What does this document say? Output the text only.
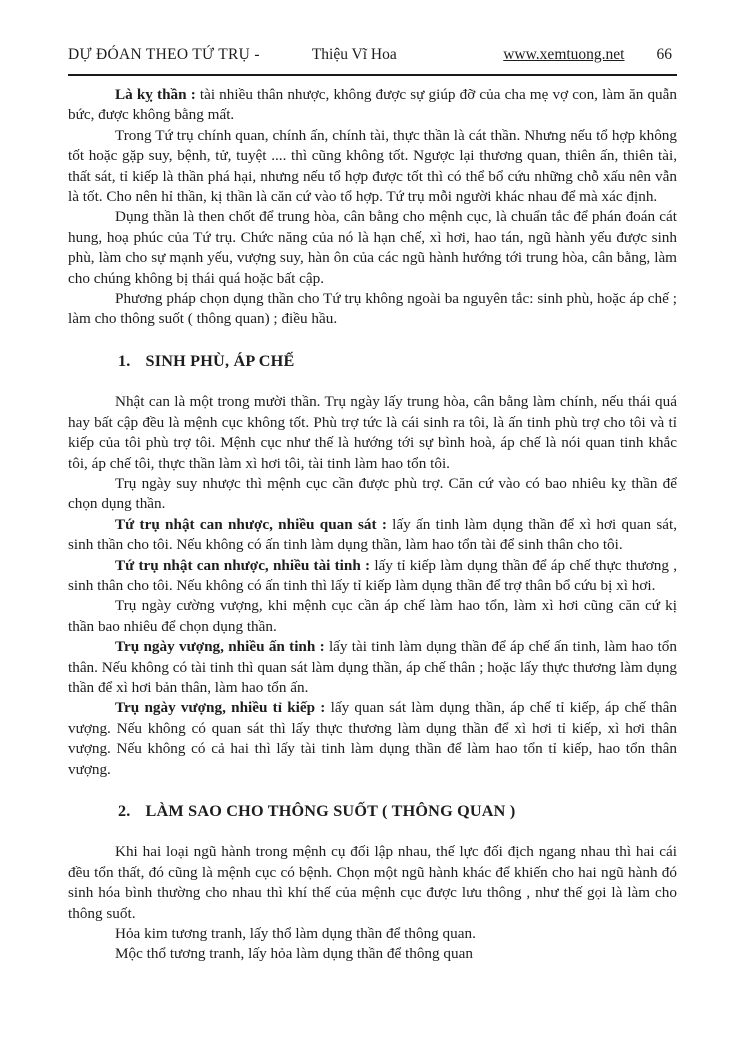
DỰ ĐÓAN THEO TỨ TRỤ -	Thiệu Vĩ Hoa	www.xemtuong.net 66

Là kỵ thần : tài nhiều thân nhược, không được sự giúp đỡ của cha mẹ vợ con, làm ăn quẫn bức, được không bằng mất.

Trong Tứ trụ chính quan, chính ấn, chính tài, thực thần là cát thần. Nhưng nếu tổ hợp không tốt hoặc gặp suy, bệnh, tử, tuyệt .... thì cũng không tốt. Ngược lại thương quan, thiên ấn, thiên tài, thất sát, tỉ kiếp là thần phá hại, nhưng nếu tổ hợp được tốt thì có thể bổ cứu những chỗ xấu nên vẫn là tốt. Cho nên hỉ thần, kị thần là căn cứ vào tổ hợp. Tứ trụ mỗi người khác nhau để mà xác định.

Dụng thần là then chốt để trung hòa, cân bằng cho mệnh cục, là chuẩn tắc để phán đoán cát hung, hoạ phúc của Tứ trụ. Chức năng của nó là hạn chế, xì hơi, hao tán, ngũ hành yếu được sinh phù, làm cho sự mạnh yếu, vượng suy, hàn ôn của các ngũ hành hướng tới trung hòa, cân bằng, làm cho chúng không bị thái quá hoặc bất cập.

Phương pháp chọn dụng thần cho Tứ trụ không ngoài ba nguyên tắc: sinh phù, hoặc áp chế ; làm cho thông suốt ( thông quan) ; điều hầu.

1. SINH PHÙ, ÁP CHẾ

Nhật can là một trong mười thần. Trụ ngày lấy trung hòa, cân bằng làm chính, nếu thái quá hay bất cập đều là mệnh cục không tốt. Phù trợ tức là cái sinh ra tôi, là ấn tinh phù trợ cho tôi và tỉ kiếp của tôi phù trợ tôi. Mệnh cục như thế là hướng tới sự bình hoà, áp chế là nói quan tinh khắc tôi, áp chế tôi, thực thần làm xì hơi tôi, tài tinh làm hao tổn tôi.

Trụ ngày suy nhược thì mệnh cục cần được phù trợ. Căn cứ vào có bao nhiêu kỵ thần để chọn dụng thần.

Tứ trụ nhật can nhược, nhiều quan sát : lấy ấn tinh làm dụng thần để xì hơi quan sát, sinh thần cho tôi. Nếu không có ấn tinh làm dụng thần, làm hao tổn tài để sinh thân cho tôi.

Tứ trụ nhật can nhược, nhiều tài tinh : lấy tỉ kiếp làm dụng thần để áp chế thực thương , sinh thân cho tôi. Nếu không có ấn tinh thì lấy tỉ kiếp làm dụng thần để trợ thân bổ cứu bị xì hơi.

Trụ ngày cường vượng, khi mệnh cục cần áp chế làm hao tổn, làm xì hơi cũng căn cứ kị thần bao nhiêu để chọn dụng thần.

Trụ ngày vượng, nhiều ấn tinh : lấy tài tinh làm dụng thần để áp chế ấn tinh, làm hao tổn thân. Nếu không có tài tinh thì quan sát làm dụng thần, áp chế thân ; hoặc lấy thực thương làm dụng thần để xì hơi bản thân, làm hao tổn ấn.

Trụ ngày vượng, nhiều tỉ kiếp : lấy quan sát làm dụng thần, áp chế tỉ kiếp, áp chế thân vượng. Nếu không có quan sát thì lấy thực thương làm dụng thần để xì hơi tỉ kiếp, xì hơi thân vượng. Nếu không có cả hai thì lấy tài tinh làm dụng thần để làm hao tổn tỉ kiếp, hao tổn thân vượng.

2. LÀM SAO CHO THÔNG SUỐT ( THÔNG QUAN )

Khi hai loại ngũ hành trong mệnh cụ đối lập nhau, thế lực đối địch ngang nhau thì hai cái đều tổn thất, đó cũng là mệnh cục có bệnh. Chọn một ngũ hành khác để khiến cho hai ngũ hành đó sinh hóa bình thường cho nhau thì khí thế của mệnh cục được lưu thông , như thế gọi là làm cho thông suốt.

Hỏa kim tương tranh, lấy thổ làm dụng thần để thông quan.

Mộc thổ tương tranh, lấy hỏa làm dụng thần để thông quan
